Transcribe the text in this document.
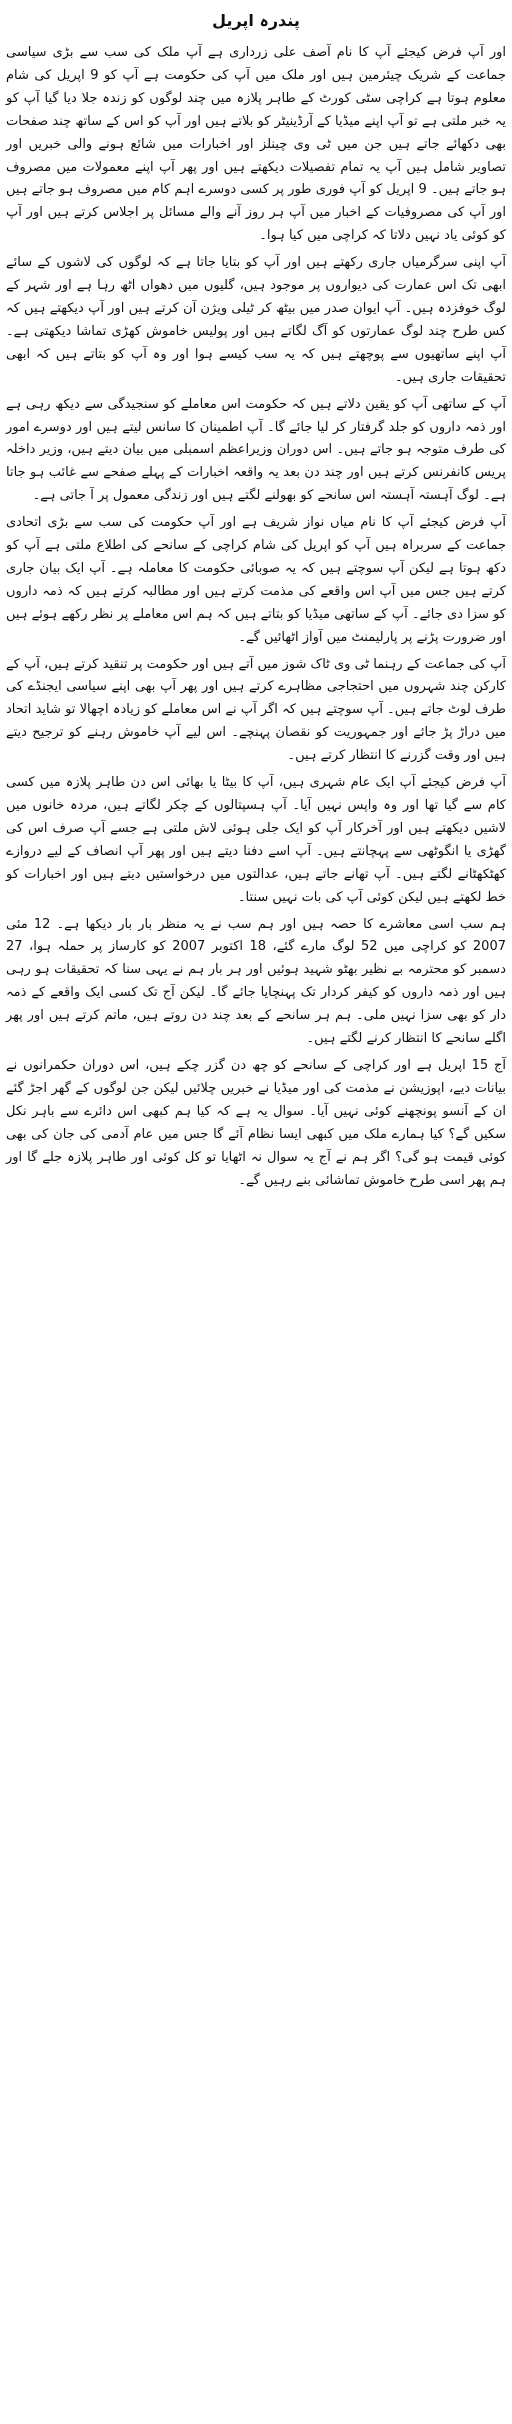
پندرہ اپریل

اور آپ فرض کیجئے آپ کا نام آصف علی زرداری ہے آپ ملک کی سب سے بڑی سیاسی جماعت کے شریک چیئرمین ہیں اور ملک میں آپ کی حکومت ہے آپ کو 9 اپریل کی شام معلوم ہوتا ہے کراچی سٹی کورٹ کے طاہر پلازہ میں چند لوگوں کو زندہ جلا دیا گیا آپ کو یہ خبر ملتی ہے تو آپ اپنے میڈیا کے آرڈینیٹر کو بلاتے ہیں اور آپ کو اس کے ساتھ چند صفحات بھی دکھائے جاتے ہیں جن میں ٹی وی چینلز اور اخبارات میں شائع ہونے والی خبریں اور تصاویر شامل ہیں آپ یہ تمام تفصیلات دیکھتے ہیں اور پھر آپ اپنے معمولات میں مصروف ہو جاتے ہیں۔ 9 اپریل کو آپ فوری طور پر کسی دوسرے اہم کام میں مصروف ہو جاتے ہیں اور آپ کی مصروفیات کے اخبار میں آپ ہر روز آنے والے مسائل پر اجلاس کرتے ہیں اور آپ کو کوئی یاد نہیں دلاتا کہ کراچی میں کیا ہوا۔

آپ اپنی سرگرمیاں جاری رکھتے ہیں اور آپ کو بتایا جاتا ہے کہ لوگوں کی لاشوں کے سائے ابھی تک اس عمارت کی دیواروں پر موجود ہیں، گلیوں میں دھواں اٹھ رہا ہے اور شہر کے لوگ خوفزدہ ہیں۔ آپ ایوان صدر میں بیٹھ کر ٹیلی ویژن آن کرتے ہیں اور آپ دیکھتے ہیں کہ کس طرح چند لوگ عمارتوں کو آگ لگاتے ہیں اور پولیس خاموش کھڑی تماشا دیکھتی ہے۔ آپ اپنے ساتھیوں سے پوچھتے ہیں کہ یہ سب کیسے ہوا اور وہ آپ کو بتاتے ہیں کہ ابھی تحقیقات جاری ہیں۔

آپ کے ساتھی آپ کو یقین دلاتے ہیں کہ حکومت اس معاملے کو سنجیدگی سے دیکھ رہی ہے اور ذمہ داروں کو جلد گرفتار کر لیا جائے گا۔ آپ اطمینان کا سانس لیتے ہیں اور دوسرے امور کی طرف متوجہ ہو جاتے ہیں۔ اس دوران وزیراعظم اسمبلی میں بیان دیتے ہیں، وزیر داخلہ پریس کانفرنس کرتے ہیں اور چند دن بعد یہ واقعہ اخبارات کے پہلے صفحے سے غائب ہو جاتا ہے۔ لوگ آہستہ آہستہ اس سانحے کو بھولنے لگتے ہیں اور زندگی معمول پر آ جاتی ہے۔

آپ فرض کیجئے آپ کا نام میاں نواز شریف ہے اور آپ حکومت کی سب سے بڑی اتحادی جماعت کے سربراہ ہیں آپ کو اپریل کی شام کراچی کے سانحے کی اطلاع ملتی ہے آپ کو دکھ ہوتا ہے لیکن آپ سوچتے ہیں کہ یہ صوبائی حکومت کا معاملہ ہے۔ آپ ایک بیان جاری کرتے ہیں جس میں آپ اس واقعے کی مذمت کرتے ہیں اور مطالبہ کرتے ہیں کہ ذمہ داروں کو سزا دی جائے۔ آپ کے ساتھی میڈیا کو بتاتے ہیں کہ ہم اس معاملے پر نظر رکھے ہوئے ہیں اور ضرورت پڑنے پر پارلیمنٹ میں آواز اٹھائیں گے۔

آپ کی جماعت کے رہنما ٹی وی ٹاک شوز میں آتے ہیں اور حکومت پر تنقید کرتے ہیں، آپ کے کارکن چند شہروں میں احتجاجی مظاہرے کرتے ہیں اور پھر آپ بھی اپنے سیاسی ایجنڈے کی طرف لوٹ جاتے ہیں۔ آپ سوچتے ہیں کہ اگر آپ نے اس معاملے کو زیادہ اچھالا تو شاید اتحاد میں دراڑ پڑ جائے اور جمہوریت کو نقصان پہنچے۔ اس لیے آپ خاموش رہنے کو ترجیح دیتے ہیں اور وقت گزرنے کا انتظار کرتے ہیں۔

آپ فرض کیجئے آپ ایک عام شہری ہیں، آپ کا بیٹا یا بھائی اس دن طاہر پلازہ میں کسی کام سے گیا تھا اور وہ واپس نہیں آیا۔ آپ ہسپتالوں کے چکر لگاتے ہیں، مردہ خانوں میں لاشیں دیکھتے ہیں اور آخرکار آپ کو ایک جلی ہوئی لاش ملتی ہے جسے آپ صرف اس کی گھڑی یا انگوٹھی سے پہچانتے ہیں۔ آپ اسے دفنا دیتے ہیں اور پھر آپ انصاف کے لیے دروازے کھٹکھٹانے لگتے ہیں۔ آپ تھانے جاتے ہیں، عدالتوں میں درخواستیں دیتے ہیں اور اخبارات کو خط لکھتے ہیں لیکن کوئی آپ کی بات نہیں سنتا۔

ہم سب اسی معاشرے کا حصہ ہیں اور ہم سب نے یہ منظر بار بار دیکھا ہے۔ 12 مئی 2007 کو کراچی میں 52 لوگ مارے گئے، 18 اکتوبر 2007 کو کارساز پر حملہ ہوا، 27 دسمبر کو محترمہ بے نظیر بھٹو شہید ہوئیں اور ہر بار ہم نے یہی سنا کہ تحقیقات ہو رہی ہیں اور ذمہ داروں کو کیفر کردار تک پہنچایا جائے گا۔ لیکن آج تک کسی ایک واقعے کے ذمہ دار کو بھی سزا نہیں ملی۔ ہم ہر سانحے کے بعد چند دن روتے ہیں، ماتم کرتے ہیں اور پھر اگلے سانحے کا انتظار کرنے لگتے ہیں۔

آج 15 اپریل ہے اور کراچی کے سانحے کو چھ دن گزر چکے ہیں، اس دوران حکمرانوں نے بیانات دیے، اپوزیشن نے مذمت کی اور میڈیا نے خبریں چلائیں لیکن جن لوگوں کے گھر اجڑ گئے ان کے آنسو پونچھنے کوئی نہیں آیا۔ سوال یہ ہے کہ کیا ہم کبھی اس دائرے سے باہر نکل سکیں گے؟ کیا ہمارے ملک میں کبھی ایسا نظام آئے گا جس میں عام آدمی کی جان کی بھی کوئی قیمت ہو گی؟ اگر ہم نے آج یہ سوال نہ اٹھایا تو کل کوئی اور طاہر پلازہ جلے گا اور ہم پھر اسی طرح خاموش تماشائی بنے رہیں گے۔
